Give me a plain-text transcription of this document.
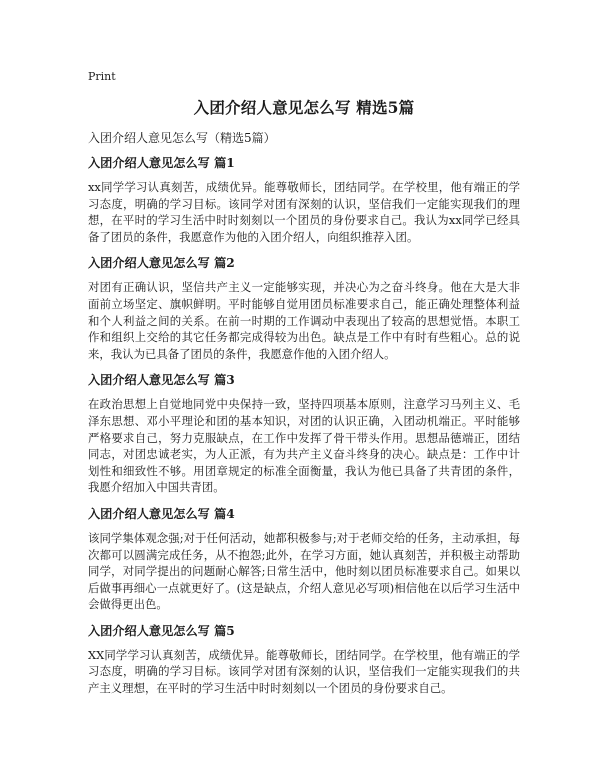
Print
入团介绍人意见怎么写 精选5篇
入团介绍人意见怎么写（精选5篇）
入团介绍人意见怎么写 篇1

xx同学学习认真刻苦，成绩优异。能尊敬师长，团结同学。在学校里，他有端正的学习态度，明确的学习目标。该同学对团有深刻的认识，坚信我们一定能实现我们的理想，在平时的学习生活中时时刻刻以一个团员的身份要求自己。我认为xx同学已经具备了团员的条件，我愿意作为他的入团介绍人，向组织推荐入团。

入团介绍人意见怎么写 篇2

对团有正确认识，坚信共产主义一定能够实现，并决心为之奋斗终身。他在大是大非面前立场坚定、旗帜鲜明。平时能够自觉用团员标准要求自己，能正确处理整体利益和个人利益之间的关系。在前一时期的工作调动中表现出了较高的思想觉悟。本职工作和组织上交给的其它任务都完成得较为出色。缺点是工作中有时有些粗心。总的说来，我认为已具备了团员的条件，我愿意作他的入团介绍人。

入团介绍人意见怎么写 篇3

在政治思想上自觉地同党中央保持一致，坚持四项基本原则，注意学习马列主义、毛泽东思想、邓小平理论和团的基本知识，对团的认识正确，入团动机端正。平时能够严格要求自己，努力克服缺点，在工作中发挥了骨干带头作用。思想品德端正，团结同志，对团忠诚老实，为人正派，有为共产主义奋斗终身的决心。缺点是：工作中计划性和细致性不够。用团章规定的标准全面衡量，我认为他已具备了共青团的条件，我愿介绍加入中国共青团。

入团介绍人意见怎么写 篇4

该同学集体观念强;对于任何活动，她都积极参与;对于老师交给的任务，主动承担，每次都可以圆满完成任务，从不抱怨;此外，在学习方面，她认真刻苦，并积极主动帮助同学，对同学提出的问题耐心解答;日常生活中，他时刻以团员标准要求自己。如果以后做事再细心一点就更好了。(这是缺点，介绍人意见必写项)相信他在以后学习生活中会做得更出色。

入团介绍人意见怎么写 篇5

XX同学学习认真刻苦，成绩优异。能尊敬师长，团结同学。在学校里，他有端正的学习态度，明确的学习目标。该同学对团有深刻的认识，坚信我们一定能实现我们的共产主义理想，在平时的学习生活中时时刻刻以一个团员的身份要求自己。
